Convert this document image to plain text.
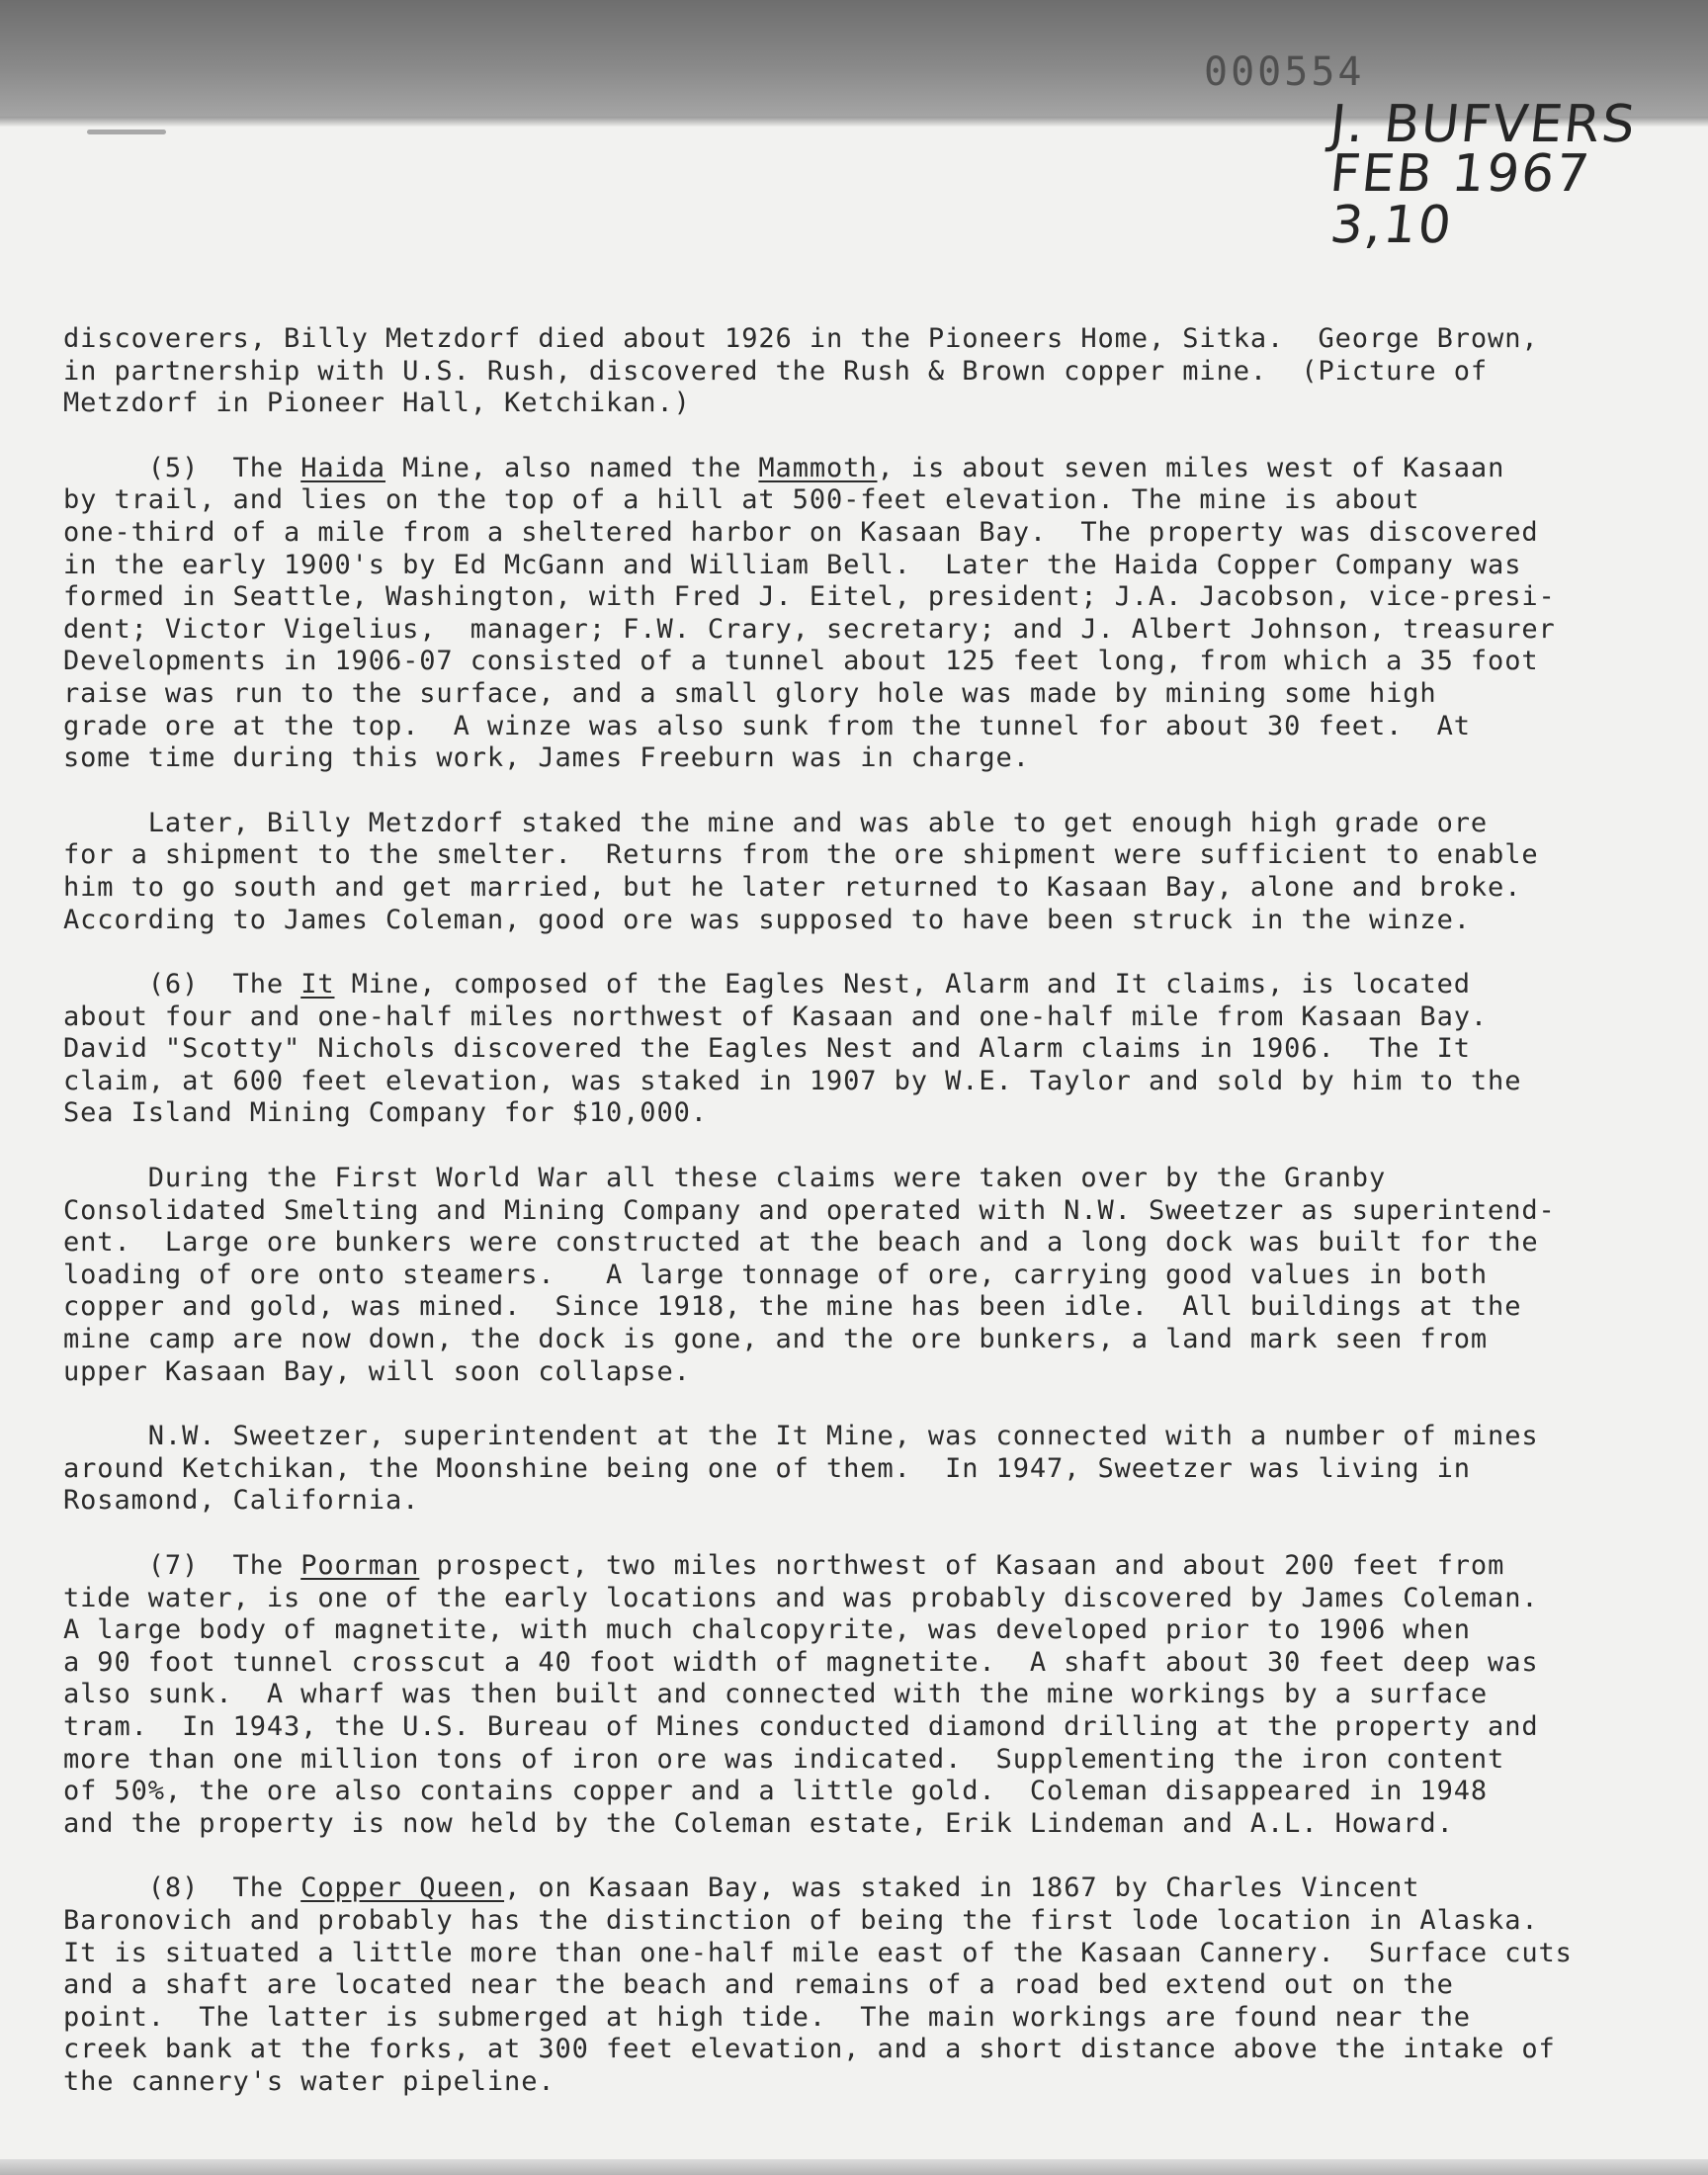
000554
J. BUFVERS
FEB 1967
3,10

discoverers, Billy Metzdorf died about 1926 in the Pioneers Home, Sitka.  George Brown,
in partnership with U.S. Rush, discovered the Rush & Brown copper mine.  (Picture of
Metzdorf in Pioneer Hall, Ketchikan.)

(5)  The Haida Mine, also named the Mammoth, is about seven miles west of Kasaan
by trail, and lies on the top of a hill at 500-feet elevation. The mine is about
one-third of a mile from a sheltered harbor on Kasaan Bay.  The property was discovered
in the early 1900's by Ed McGann and William Bell.  Later the Haida Copper Company was
formed in Seattle, Washington, with Fred J. Eitel, president; J.A. Jacobson, vice-presi-
dent; Victor Vigelius,  manager; F.W. Crary, secretary; and J. Albert Johnson, treasurer
Developments in 1906-07 consisted of a tunnel about 125 feet long, from which a 35 foot
raise was run to the surface, and a small glory hole was made by mining some high
grade ore at the top.  A winze was also sunk from the tunnel for about 30 feet.  At
some time during this work, James Freeburn was in charge.

Later, Billy Metzdorf staked the mine and was able to get enough high grade ore
for a shipment to the smelter.  Returns from the ore shipment were sufficient to enable
him to go south and get married, but he later returned to Kasaan Bay, alone and broke.
According to James Coleman, good ore was supposed to have been struck in the winze.

(6)  The It Mine, composed of the Eagles Nest, Alarm and It claims, is located
about four and one-half miles northwest of Kasaan and one-half mile from Kasaan Bay.
David "Scotty" Nichols discovered the Eagles Nest and Alarm claims in 1906.  The It
claim, at 600 feet elevation, was staked in 1907 by W.E. Taylor and sold by him to the
Sea Island Mining Company for $10,000.

During the First World War all these claims were taken over by the Granby
Consolidated Smelting and Mining Company and operated with N.W. Sweetzer as superintend-
ent.  Large ore bunkers were constructed at the beach and a long dock was built for the
loading of ore onto steamers.   A large tonnage of ore, carrying good values in both
copper and gold, was mined.  Since 1918, the mine has been idle.  All buildings at the
mine camp are now down, the dock is gone, and the ore bunkers, a land mark seen from
upper Kasaan Bay, will soon collapse.

N.W. Sweetzer, superintendent at the It Mine, was connected with a number of mines
around Ketchikan, the Moonshine being one of them.  In 1947, Sweetzer was living in
Rosamond, California.

(7)  The Poorman prospect, two miles northwest of Kasaan and about 200 feet from
tide water, is one of the early locations and was probably discovered by James Coleman.
A large body of magnetite, with much chalcopyrite, was developed prior to 1906 when
a 90 foot tunnel crosscut a 40 foot width of magnetite.  A shaft about 30 feet deep was
also sunk.  A wharf was then built and connected with the mine workings by a surface
tram.  In 1943, the U.S. Bureau of Mines conducted diamond drilling at the property and
more than one million tons of iron ore was indicated.  Supplementing the iron content
of 50%, the ore also contains copper and a little gold.  Coleman disappeared in 1948
and the property is now held by the Coleman estate, Erik Lindeman and A.L. Howard.

(8)  The Copper Queen, on Kasaan Bay, was staked in 1867 by Charles Vincent
Baronovich and probably has the distinction of being the first lode location in Alaska.
It is situated a little more than one-half mile east of the Kasaan Cannery.  Surface cuts
and a shaft are located near the beach and remains of a road bed extend out on the
point.  The latter is submerged at high tide.  The main workings are found near the
creek bank at the forks, at 300 feet elevation, and a short distance above the intake of
the cannery's water pipeline.
